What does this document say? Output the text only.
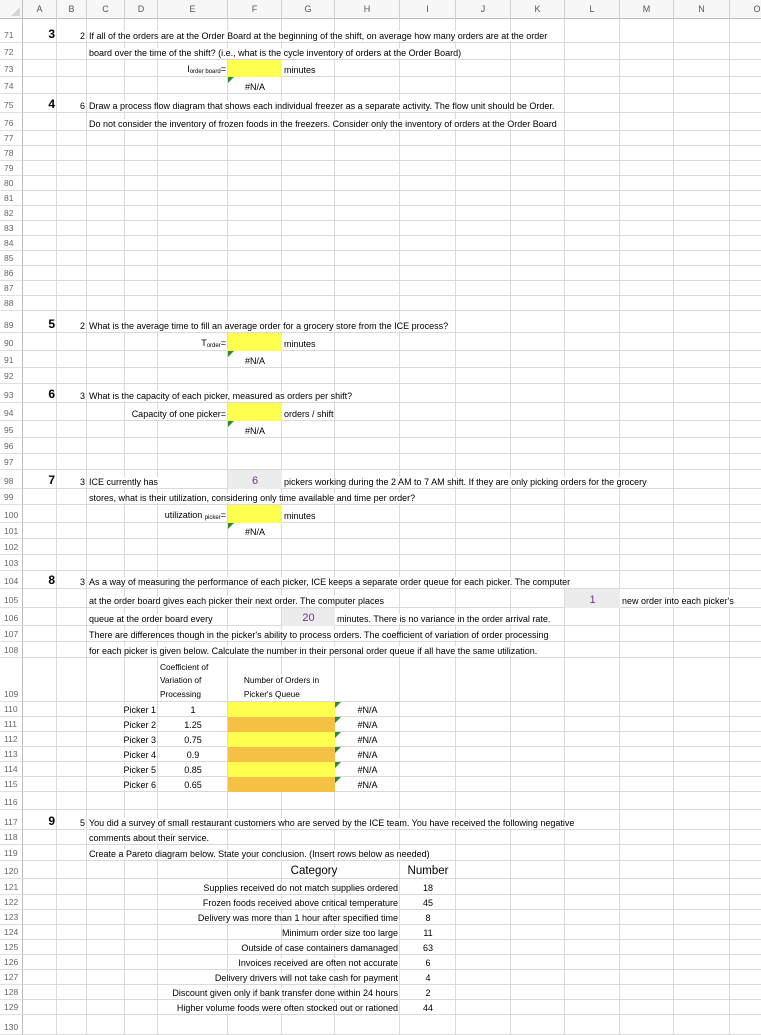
A	B	C	D	E	F	G	H	I	J	K	L	M	N	O
71	3	2 If all of the orders are at the Order Board at the beginning of the shift, on average how many orders are at the order
72	board over the time of the shift? (i.e., what is the cycle inventory of orders at the Order Board)
73	Iorder board=	minutes
74	#N/A
75	4	6 Draw a process flow diagram that shows each individual freezer as a separate activity. The flow unit should be Order.
76	Do not consider the inventory of frozen foods in the freezers. Consider only the inventory of orders at the Order Board
77
78
79
80
81
82
83
84
85
86
87
88
89	5	2 What is the average time to fill an average order for a grocery store from the ICE process?
90	Torder=	minutes
91	#N/A
92
93	6	3 What is the capacity of each picker, measured as orders per shift?
94	Capacity of one picker=	orders / shift
95	#N/A
96
97
98	7	3 ICE currently has	6	pickers working during the 2 AM to 7 AM shift. If they are only picking orders for the grocery
99	stores, what is their utilization, considering only time available and time per order?
100	utilization picker=	minutes
101	#N/A
102
103
104	8	3 As a way of measuring the performance of each picker, ICE keeps a separate order queue for each picker. The computer
105	at the order board gives each picker their next order. The computer places	1	new order into each picker's
106	queue at the order board every	20 minutes. There is no variance in the order arrival rate.
107	There are differences though in the picker's ability to process orders. The coefficient of variation of order processing
108	for each picker is given below. Calculate the number in their personal order queue if all have the same utilization.
109
Coefficient of
Variation of
Processing
Number of Orders in
Picker's Queue
110	Picker 1	1	#N/A
111	Picker 2	1.25	#N/A
112	Picker 3	0.75	#N/A
113	Picker 4	0.9	#N/A
114	Picker 5	0.85	#N/A
115	Picker 6	0.65	#N/A
116
117	9	5 You did a survey of small restaurant customers who are served by the ICE team. You have received the following negative
118	comments about their service.
119	Create a Pareto diagram below. State your conclusion. (Insert rows below as needed)
120	Category	Number
121	Supplies received do not match supplies ordered	18
122	Frozen foods received above critical temperature	45
123	Delivery was more than 1 hour after specified time	8
124	Minimum order size too large	11
125	Outside of case containers damanaged	63
126	Invoices received are often not accurate	6
127	Delivery drivers will not take cash for payment	4
128	Discount given only if bank transfer done within 24 hours	2
129	Higher volume foods were often stocked out or rationed	44
130
